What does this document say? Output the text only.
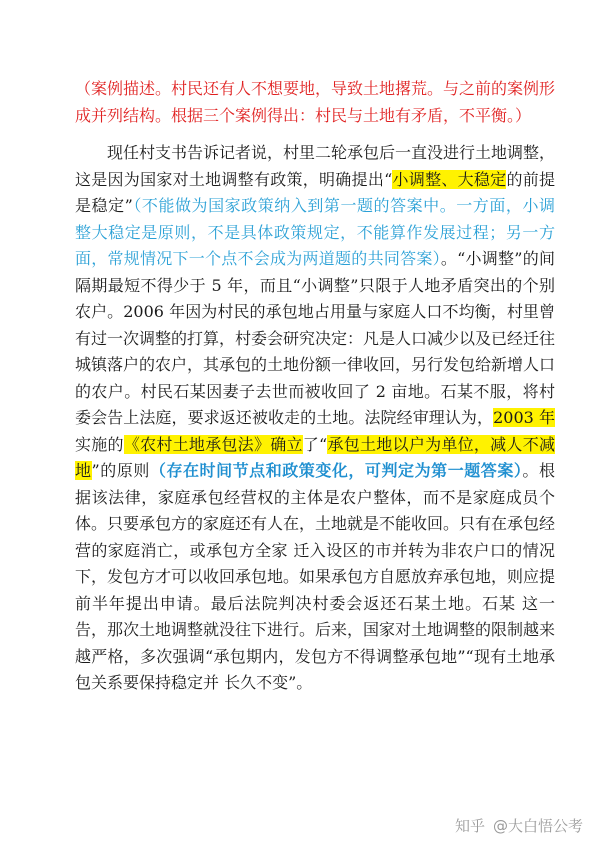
（案例描述。村民还有人不想要地，导致土地撂荒。与之前的案例形成并列结构。根据三个案例得出：村民与土地有矛盾，不平衡。）
现任村支书告诉记者说，村里二轮承包后一直没进行土地调整，这是因为国家对土地调整有政策，明确提出“小调整、大稳定的前提是稳定”（不能做为国家政策纳入到第一题的答案中。一方面，小调整大稳定是原则，不是具体政策规定，不能算作发展过程；另一方面，常规情况下一个点不会成为两道题的共同答案）。“小调整”的间隔期最短不得少于 5 年，而且“小调整”只限于人地矛盾突出的个别农户。2006 年因为村民的承包地占用量与家庭人口不均衡，村里曾有过一次调整的打算，村委会研究决定：凡是人口减少以及已经迁往城镇落户的农户，其承包的土地份额一律收回，另行发包给新增人口的农户。村民石某因妻子去世而被收回了 2 亩地。石某不服，将村委会告上法庭，要求返还被收走的土地。法院经审理认为，2003 年实施的《农村土地承包法》确立了“承包土地以户为单位，减人不减地”的原则（存在时间节点和政策变化，可判定为第一题答案）。根 据该法律，家庭承包经营权的主体是农户整体，而不是家庭成员个体。只要承包方的家庭还有人在，土地就是不能收回。只有在承包经营的家庭消亡，或承包方全家 迁入设区的市并转为非农户口的情况下，发包方才可以收回承包地。如果承包方自愿放弃承包地，则应提前半年提出申请。最后法院判决村委会返还石某土地。石某 这一告，那次土地调整就没往下进行。后来，国家对土地调整的限制越来越严格，多次强调“承包期内，发包方不得调整承包地”“现有土地承包关系要保持稳定并 长久不变”。
知乎 @大白悟公考
